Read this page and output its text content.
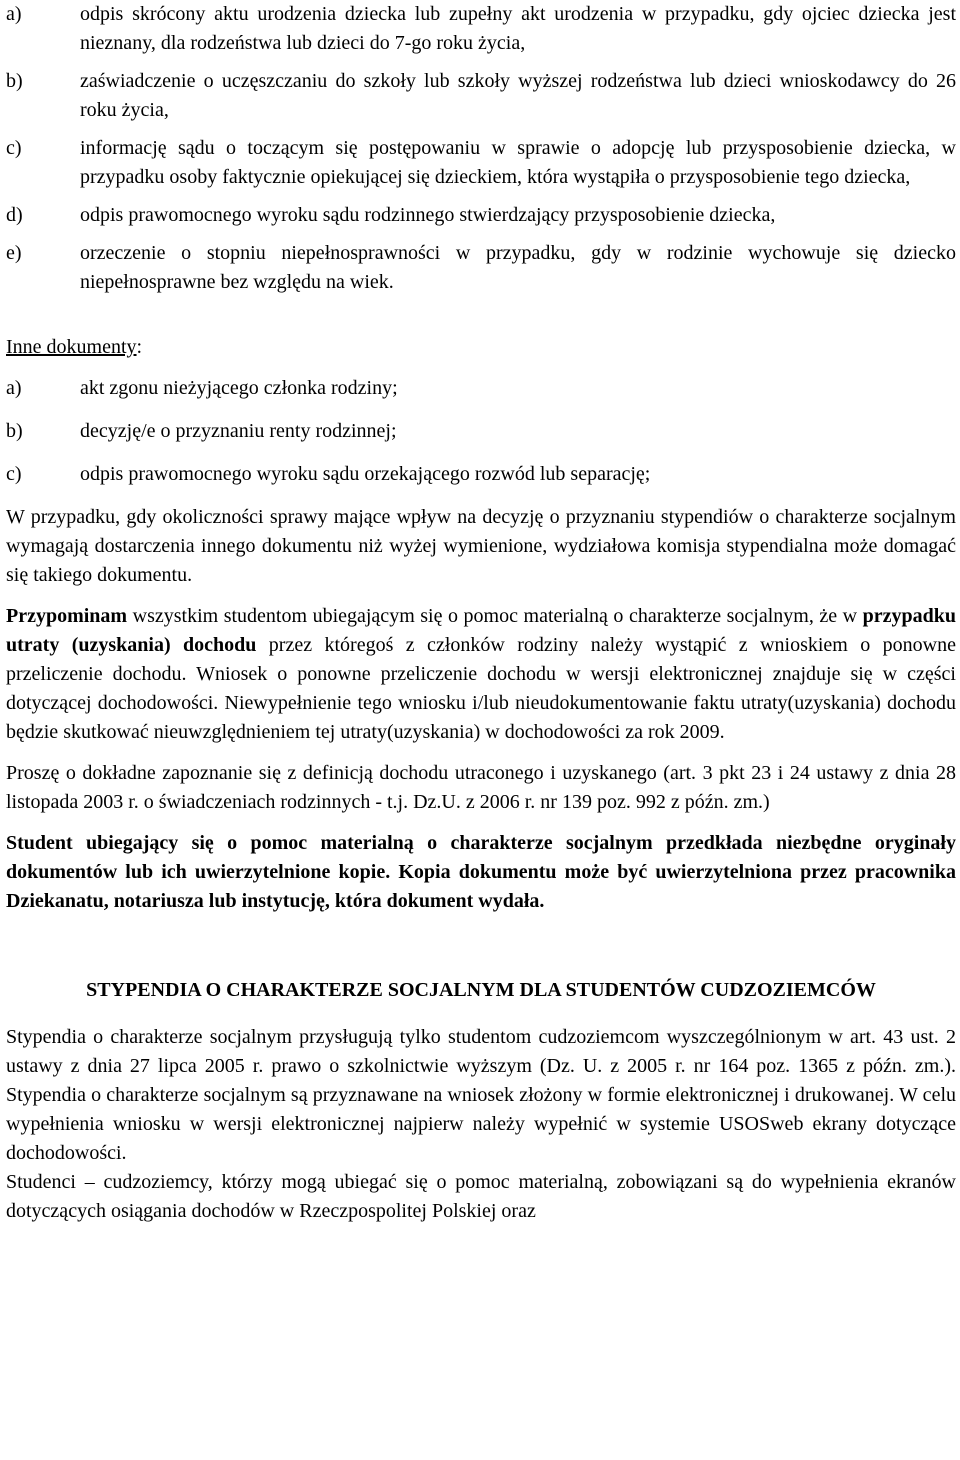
a)	odpis skrócony aktu urodzenia dziecka lub zupełny akt urodzenia w przypadku, gdy ojciec dziecka jest nieznany, dla rodzeństwa lub dzieci do 7-go roku życia,
b)	zaświadczenie o uczęszczaniu do szkoły lub szkoły wyższej rodzeństwa lub dzieci wnioskodawcy do 26 roku życia,
c)	informację sądu o toczącym się postępowaniu w sprawie o adopcję lub przysposobienie dziecka, w przypadku osoby faktycznie opiekującej się dzieckiem, która wystąpiła o przysposobienie tego dziecka,
d)	odpis prawomocnego wyroku sądu rodzinnego stwierdzający przysposobienie dziecka,
e)	orzeczenie o stopniu niepełnosprawności w przypadku, gdy w rodzinie wychowuje się dziecko niepełnosprawne bez względu na wiek.
Inne dokumenty:
a)	akt zgonu nieżyjącego członka rodziny;
b)	decyzję/e o przyznaniu renty rodzinnej;
c)	odpis prawomocnego wyroku sądu orzekającego rozwód lub separację;

W przypadku, gdy okoliczności sprawy mające wpływ na decyzję o przyznaniu stypendiów o charakterze socjalnym wymagają dostarczenia innego dokumentu niż wyżej wymienione, wydziałowa komisja stypendialna może domagać się takiego dokumentu.

Przypominam wszystkim studentom ubiegającym się o pomoc materialną o charakterze socjalnym, że w przypadku utraty (uzyskania) dochodu przez któregoś z członków rodziny należy wystąpić z wnioskiem o ponowne przeliczenie dochodu. Wniosek o ponowne przeliczenie dochodu w wersji elektronicznej znajduje się w części dotyczącej dochodowości. Niewypełnienie tego wniosku i/lub nieudokumentowanie faktu utraty(uzyskania) dochodu będzie skutkować nieuwzględnieniem tej utraty(uzyskania) w dochodowości za rok 2009.

Proszę o dokładne zapoznanie się z definicją dochodu utraconego i uzyskanego (art. 3 pkt 23 i 24 ustawy z dnia 28 listopada 2003 r. o świadczeniach rodzinnych - t.j. Dz.U. z 2006 r. nr 139 poz. 992 z późn. zm.)

Student ubiegający się o pomoc materialną o charakterze socjalnym przedkłada niezbędne oryginały dokumentów lub ich uwierzytelnione kopie. Kopia dokumentu może być uwierzytelniona przez pracownika Dziekanatu, notariusza lub instytucję, która dokument wydała.

STYPENDIA O CHARAKTERZE SOCJALNYM DLA STUDENTÓW CUDZOZIEMCÓW

Stypendia o charakterze socjalnym przysługują tylko studentom cudzoziemcom wyszczególnionym w art. 43 ust. 2 ustawy z dnia 27 lipca 2005 r. prawo o szkolnictwie wyższym (Dz. U. z 2005 r. nr 164 poz. 1365 z późn. zm.). Stypendia o charakterze socjalnym są przyznawane na wniosek złożony w formie elektronicznej i drukowanej. W celu wypełnienia wniosku w wersji elektronicznej najpierw należy wypełnić w systemie USOSweb ekrany dotyczące dochodowości.

Studenci – cudzoziemcy, którzy mogą ubiegać się o pomoc materialną, zobowiązani są do wypełnienia ekranów dotyczących osiągania dochodów w Rzeczpospolitej Polskiej oraz
